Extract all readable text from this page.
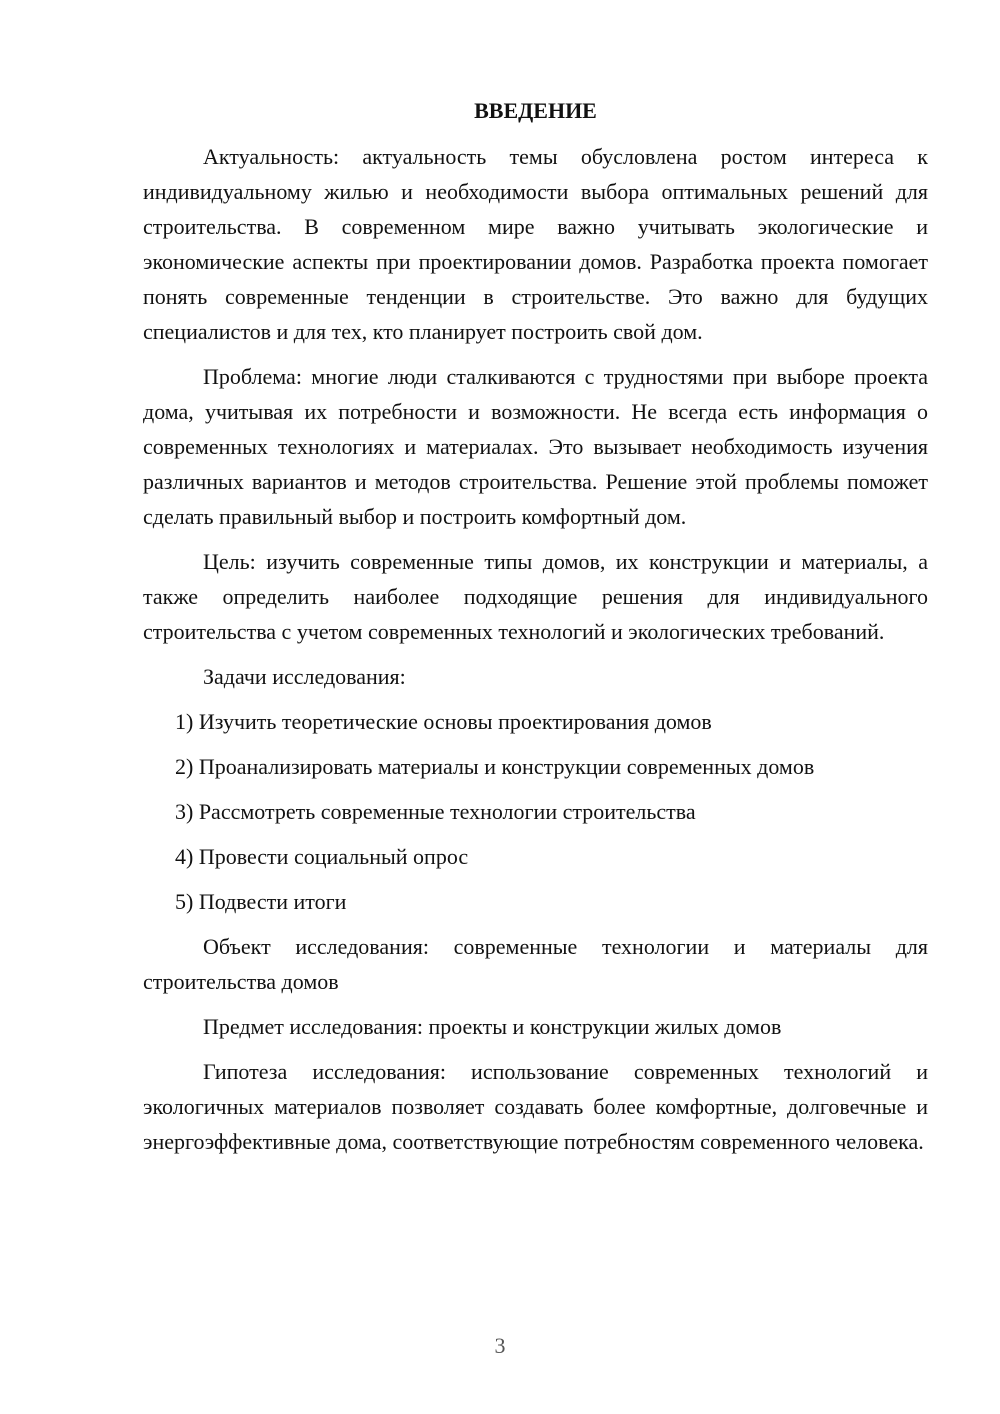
ВВЕДЕНИЕ

Актуальность: актуальность темы обусловлена ростом интереса к индивидуальному жилью и необходимости выбора оптимальных решений для строительства. В современном мире важно учитывать экологические и экономические аспекты при проектировании домов. Разработка проекта помогает понять современные тенденции в строительстве. Это важно для будущих специалистов и для тех, кто планирует построить свой дом.

Проблема: многие люди сталкиваются с трудностями при выборе проекта дома, учитывая их потребности и возможности. Не всегда есть информация о современных технологиях и материалах. Это вызывает необходимость изучения различных вариантов и методов строительства. Решение этой проблемы поможет сделать правильный выбор и построить комфортный дом.

Цель: изучить современные типы домов, их конструкции и материалы, а также определить наиболее подходящие решения для индивидуального строительства с учетом современных технологий и экологических требований.

Задачи исследования:

1) Изучить теоретические основы проектирования домов
2) Проанализировать материалы и конструкции современных домов
3) Рассмотреть современные технологии строительства
4) Провести социальный опрос
5) Подвести итоги

Объект исследования: современные технологии и материалы для строительства домов

Предмет исследования: проекты и конструкции жилых домов

Гипотеза исследования: использование современных технологий и экологичных материалов позволяет создавать более комфортные, долговечные и энергоэффективные дома, соответствующие потребностям современного человека.

3
